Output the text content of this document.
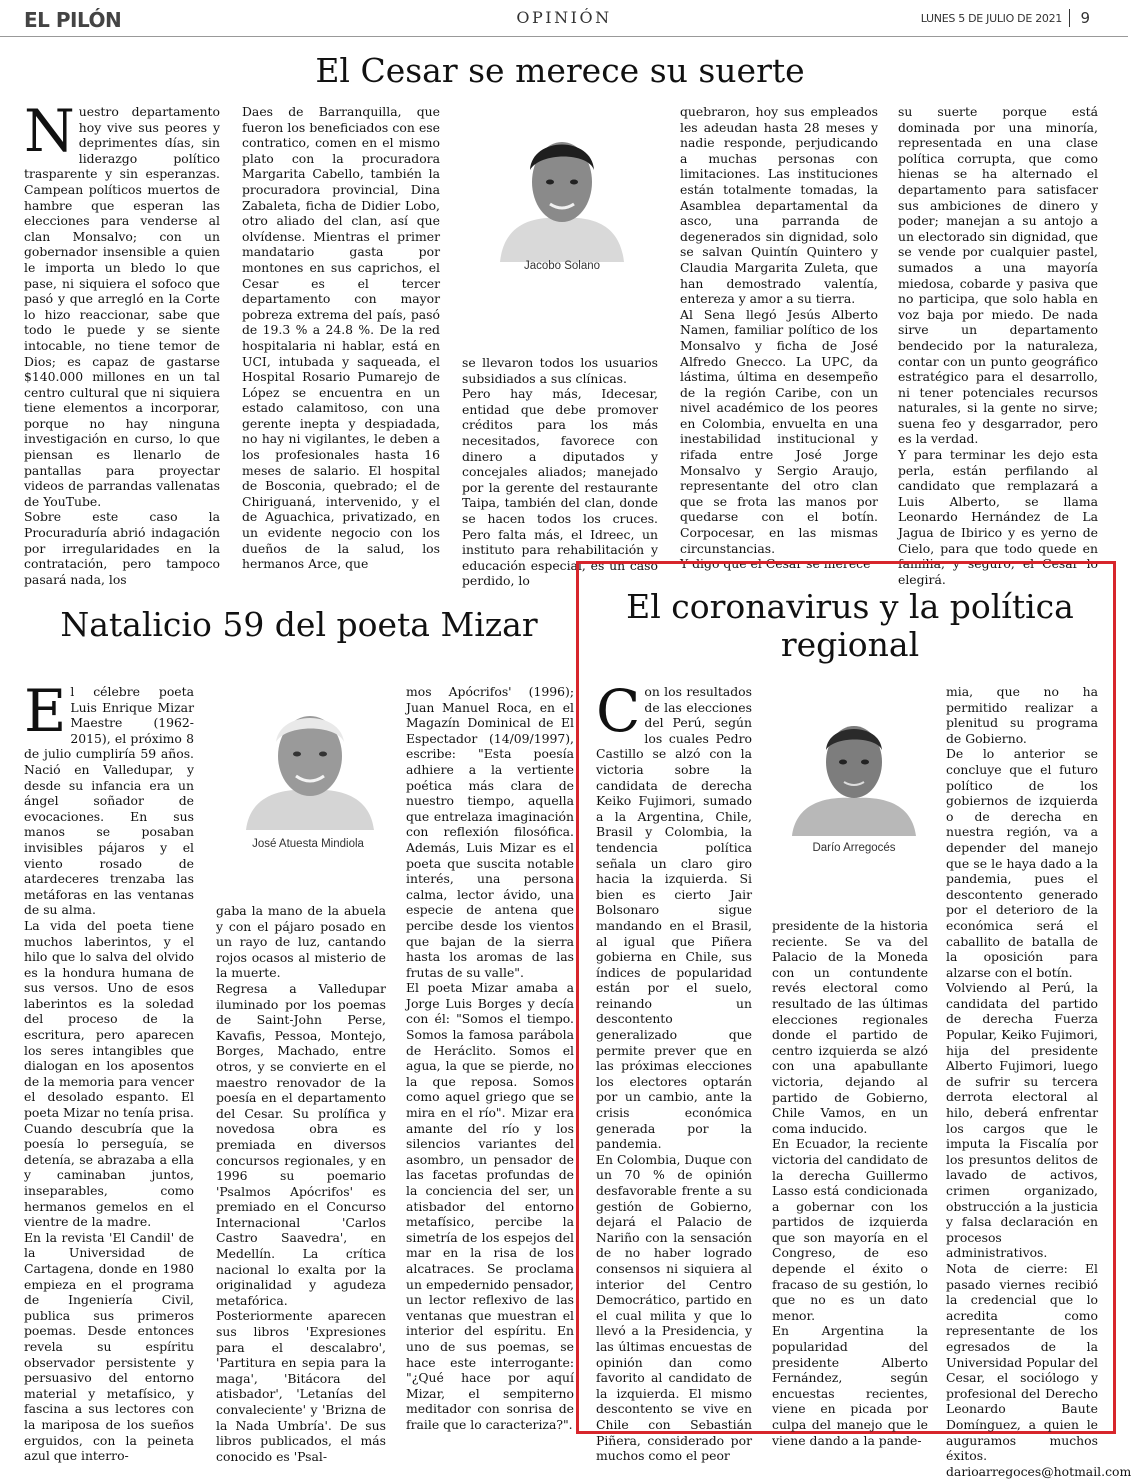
EL PILÓN	OPINIÓN	LUNES 5 DE JULIO DE 2021	9
El Cesar se merece su suerte

Nuestro departamento hoy vive sus peores y deprimentes días, sin liderazgo político trasparente y sin esperanzas. Campean políticos muertos de hambre que esperan las elecciones para venderse al clan Monsalvo; con un gobernador insensible a quien le importa un bledo lo que pase, ni siquiera el sofoco que pasó y que arregló en la Corte lo hizo reaccionar, sabe que todo le puede y se siente intocable, no tiene temor de Dios; es capaz de gastarse $140.000 millones en un tal centro cultural que ni siquiera tiene elementos a incorporar, porque no hay ninguna investigación en curso, lo que piensan es llenarlo de pantallas para proyectar videos de parrandas vallenatas de YouTube.

Sobre este caso la Procuraduría abrió indagación por irregularidades en la contratación, pero tampoco pasará nada, los

Daes de Barranquilla, que fueron los beneficiados con ese contratico, comen en el mismo plato con la procuradora Margarita Cabello, también la procuradora provincial, Dina Zabaleta, ficha de Didier Lobo, otro aliado del clan, así que olvídense. Mientras el primer mandatario gasta por montones en sus caprichos, el Cesar es el tercer departamento con mayor pobreza extrema del país, pasó de 19.3 % a 24.8 %. De la red hospitalaria ni hablar, está en UCI, intubada y saqueada, el Hospital Rosario Pumarejo de López se encuentra en un estado calamitoso, con una gerente inepta y despiadada, no hay ni vigilantes, le deben a los profesionales hasta 16 meses de salario. El hospital de Bosconia, quebrado; el de Chiriguaná, intervenido, y el de Aguachica, privatizado, en un evidente negocio con los dueños de la salud, los hermanos Arce, que

Jacobo Solano

se llevaron todos los usuarios subsidiados a sus clínicas.

Pero hay más, Idecesar, entidad que debe promover créditos para los más necesitados, favorece con dinero a diputados y concejales aliados; manejado por la gerente del restaurante Taipa, también del clan, donde se hacen todos los cruces. Pero falta más, el Idreec, un instituto para rehabilitación y educación especial, es un caso perdido, lo

quebraron, hoy sus empleados les adeudan hasta 28 meses y nadie responde, perjudicando a muchas personas con limitaciones. Las instituciones están totalmente tomadas, la Asamblea departamental da asco, una parranda de degenerados sin dignidad, solo se salvan Quintín Quintero y Claudia Margarita Zuleta, que han demostrado valentía, entereza y amor a su tierra.

Al Sena llegó Jesús Alberto Namen, familiar político de los Monsalvo y ficha de José Alfredo Gnecco. La UPC, da lástima, última en desempeño de la región Caribe, con un nivel académico de los peores en Colombia, envuelta en una inestabilidad institucional y rifada entre José Jorge Monsalvo y Sergio Araujo, representante del otro clan que se frota las manos por quedarse con el botín. Corpocesar, en las mismas circunstancias.

Y digo que el Cesar se merece

su suerte porque está dominada por una minoría, representada en una clase política corrupta, que como hienas se ha alternado el departamento para satisfacer sus ambiciones de dinero y poder; manejan a su antojo a un electorado sin dignidad, que se vende por cualquier pastel, sumados a una mayoría miedosa, cobarde y pasiva que no participa, que solo habla en voz baja por miedo. De nada sirve un departamento bendecido por la naturaleza, contar con un punto geográfico estratégico para el desarrollo, ni tener potenciales recursos naturales, si la gente no sirve; suena feo y desgarrador, pero es la verdad.

Y para terminar les dejo esta perla, están perfilando al candidato que remplazará a Luis Alberto, se llama Leonardo Hernández de La Jagua de Ibirico y es yerno de Cielo, para que todo quede en familia, y seguro, el Cesar lo elegirá.

Natalicio 59 del poeta Mizar

El célebre poeta Luis Enrique Mizar Maestre (1962-2015), el próximo 8 de julio cumpliría 59 años. Nació en Valledupar, y desde su infancia era un ángel soñador de evocaciones. En sus manos se posaban invisibles pájaros y el viento rosado de atardeceres trenzaba las metáforas en las ventanas de su alma.

La vida del poeta tiene muchos laberintos, y el hilo que lo salva del olvido es la hondura humana de sus versos. Uno de esos laberintos es la soledad del proceso de la escritura, pero aparecen los seres intangibles que dialogan en los aposentos de la memoria para vencer el desolado espanto. El poeta Mizar no tenía prisa. Cuando descubría que la poesía lo perseguía, se detenía, se abrazaba a ella y caminaban juntos, inseparables, como hermanos gemelos en el vientre de la madre.

En la revista 'El Candil' de la Universidad de Cartagena, donde en 1980 empieza en el programa de Ingeniería Civil, publica sus primeros poemas. Desde entonces revela su espíritu observador persistente y persuasivo del entorno material y metafísico, y fascina a sus lectores con la mariposa de los sueños erguidos, con la peineta azul que interro-

José Atuesta Mindiola

gaba la mano de la abuela y con el pájaro posado en un rayo de luz, cantando rojos ocasos al misterio de la muerte.

Regresa a Valledupar iluminado por los poemas de Saint-John Perse, Kavafis, Pessoa, Montejo, Borges, Machado, entre otros, y se convierte en el maestro renovador de la poesía en el departamento del Cesar. Su prolífica y novedosa obra es premiada en diversos concursos regionales, y en 1996 su poemario 'Psalmos Apócrifos' es premiado en el Concurso Internacional 'Carlos Castro Saavedra', en Medellín. La crítica nacional lo exalta por la originalidad y agudeza metafórica. Posteriormente aparecen sus libros 'Expresiones para el descalabro', 'Partitura en sepia para la maga', 'Bitácora del atisbador', 'Letanías del convaleciente' y 'Brizna de la Nada Umbría'. De sus libros publicados, el más conocido es 'Psal-

mos Apócrifos' (1996); Juan Manuel Roca, en el Magazín Dominical de El Espectador (14/09/1997), escribe: "Esta poesía adhiere a la vertiente poética más clara de nuestro tiempo, aquella que entrelaza imaginación con reflexión filosófica. Además, Luis Mizar es el poeta que suscita notable interés, una persona calma, lector ávido, una especie de antena que percibe desde los vientos que bajan de la sierra hasta los aromas de las frutas de su valle".

El poeta Mizar amaba a Jorge Luis Borges y decía con él: "Somos el tiempo. Somos la famosa parábola de Heráclito. Somos el agua, la que se pierde, no la que reposa. Somos como aquel griego que se mira en el río". Mizar era amante del río y los silencios variantes del asombro, un pensador de las facetas profundas de la conciencia del ser, un atisbador del entorno metafísico, percibe la simetría de los espejos del mar en la risa de los alcatraces. Se proclama un empedernido pensador, un lector reflexivo de las ventanas que muestran el interior del espíritu. En uno de sus poemas, se hace este interrogante: "¿Qué hace por aquí Mizar, el sempiterno meditador con sonrisa de fraile que lo caracteriza?".

El coronavirus y la política regional

Con los resultados de las elecciones del Perú, según los cuales Pedro Castillo se alzó con la victoria sobre la candidata de derecha Keiko Fujimori, sumado a la Argentina, Chile, Brasil y Colombia, la tendencia política señala un claro giro hacia la izquierda. Si bien es cierto Jair Bolsonaro sigue mandando en el Brasil, al igual que Piñera gobierna en Chile, sus índices de popularidad están por el suelo, reinando un descontento generalizado que permite prever que en las próximas elecciones los electores optarán por un cambio, ante la crisis económica generada por la pandemia.

En Colombia, Duque con un 70 % de opinión desfavorable frente a su gestión de Gobierno, dejará el Palacio de Nariño con la sensación de no haber logrado consensos ni siquiera al interior del Centro Democrático, partido en el cual milita y que lo llevó a la Presidencia, y las últimas encuestas de opinión dan como favorito al candidato de la izquierda. El mismo descontento se vive en Chile con Sebastián Piñera, considerado por muchos como el peor

Darío Arregocés

presidente de la historia reciente. Se va del Palacio de la Moneda con un contundente revés electoral como resultado de las últimas elecciones regionales donde el partido de centro izquierda se alzó con una apabullante victoria, dejando al partido de Gobierno, Chile Vamos, en un coma inducido.

En Ecuador, la reciente victoria del candidato de la derecha Guillermo Lasso está condicionada a gobernar con los partidos de izquierda que son mayoría en el Congreso, de eso depende el éxito o fracaso de su gestión, lo que no es un dato menor.

En Argentina la popularidad del presidente Alberto Fernández, según encuestas recientes, viene en picada por culpa del manejo que le viene dando a la pande-

mia, que no ha permitido realizar a plenitud su programa de Gobierno.

De lo anterior se concluye que el futuro político de los gobiernos de izquierda o de derecha en nuestra región, va a depender del manejo que se le haya dado a la pandemia, pues el descontento generado por el deterioro de la económica será el caballito de batalla de la oposición para alzarse con el botín.

Volviendo al Perú, la candidata del partido de derecha Fuerza Popular, Keiko Fujimori, hija del presidente Alberto Fujimori, luego de sufrir su tercera derrota electoral al hilo, deberá enfrentar los cargos que le imputa la Fiscalía por los presuntos delitos de lavado de activos, crimen organizado, obstrucción a la justicia y falsa declaración en procesos administrativos.

Nota de cierre: El pasado viernes recibió la credencial que lo acredita como representante de los egresados de la Universidad Popular del Cesar, el sociólogo y profesional del Derecho Leonardo Baute Domínguez, a quien le auguramos muchos éxitos. darioarregoces@hotmail.com
